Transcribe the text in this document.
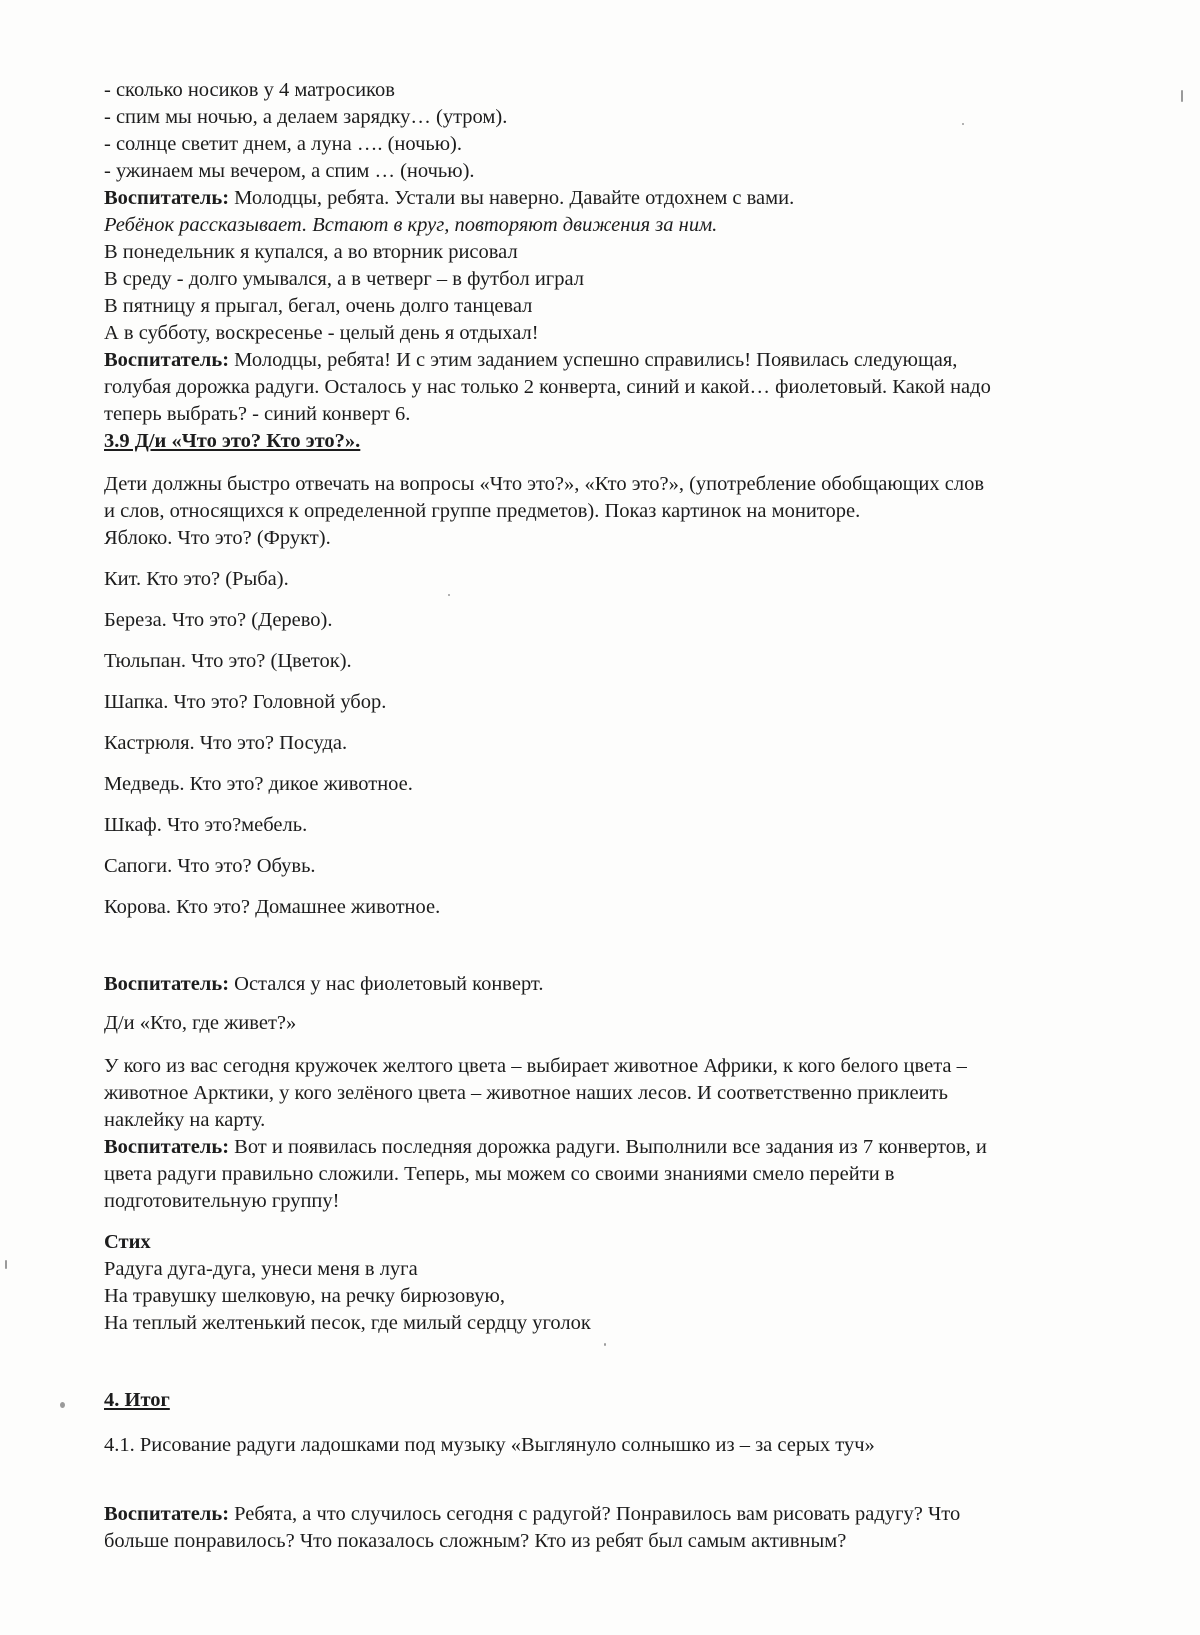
- сколько носиков у 4 матросиков
- спим мы ночью, а делаем зарядку… (утром).
- солнце светит днем, а луна …. (ночью).
- ужинаем мы вечером, а спим … (ночью).
Воспитатель: Молодцы, ребята. Устали вы наверно. Давайте отдохнем с вами.
Ребёнок рассказывает. Встают в круг, повторяют движения за ним.
В понедельник я купался, а во вторник рисовал
В среду - долго умывался, а в четверг – в футбол играл
В пятницу я прыгал, бегал, очень долго танцевал
А в субботу, воскресенье - целый день я отдыхал!
Воспитатель: Молодцы, ребята! И с этим заданием успешно справились! Появилась следующая,
голубая дорожка радуги. Осталось у нас только 2 конверта, синий и какой… фиолетовый. Какой надо
теперь выбрать? - синий конверт 6.
3.9 Д/и «Что это? Кто это?».
Дети должны быстро отвечать на вопросы «Что это?», «Кто это?», (употребление обобщающих слов
и слов, относящихся к определенной группе предметов). Показ картинок на мониторе.
Яблоко. Что это? (Фрукт).
Кит. Кто это? (Рыба).
Береза. Что это? (Дерево).
Тюльпан. Что это? (Цветок).
Шапка. Что это? Головной убор.
Кастрюля. Что это? Посуда.
Медведь. Кто это? дикое животное.
Шкаф. Что это?мебель.
Сапоги. Что это? Обувь.
Корова. Кто это? Домашнее животное.
Воспитатель: Остался у нас фиолетовый конверт.
Д/и «Кто, где живет?»
У кого из вас сегодня кружочек желтого цвета – выбирает животное Африки, к кого белого цвета –
животное Арктики, у кого зелёного цвета – животное наших лесов. И соответственно приклеить
наклейку на карту.
Воспитатель: Вот и появилась последняя дорожка радуги. Выполнили все задания из 7 конвертов, и
цвета радуги правильно сложили. Теперь, мы можем со своими знаниями смело перейти в
подготовительную группу!
Стих
Радуга дуга-дуга, унеси меня в луга
На травушку шелковую, на речку бирюзовую,
На теплый желтенький песок, где милый сердцу уголок
4. Итог
4.1. Рисование радуги ладошками под музыку «Выглянуло солнышко из – за серых туч»
Воспитатель: Ребята, а что случилось сегодня с радугой? Понравилось вам рисовать радугу? Что
больше понравилось? Что показалось сложным? Кто из ребят был самым активным?
